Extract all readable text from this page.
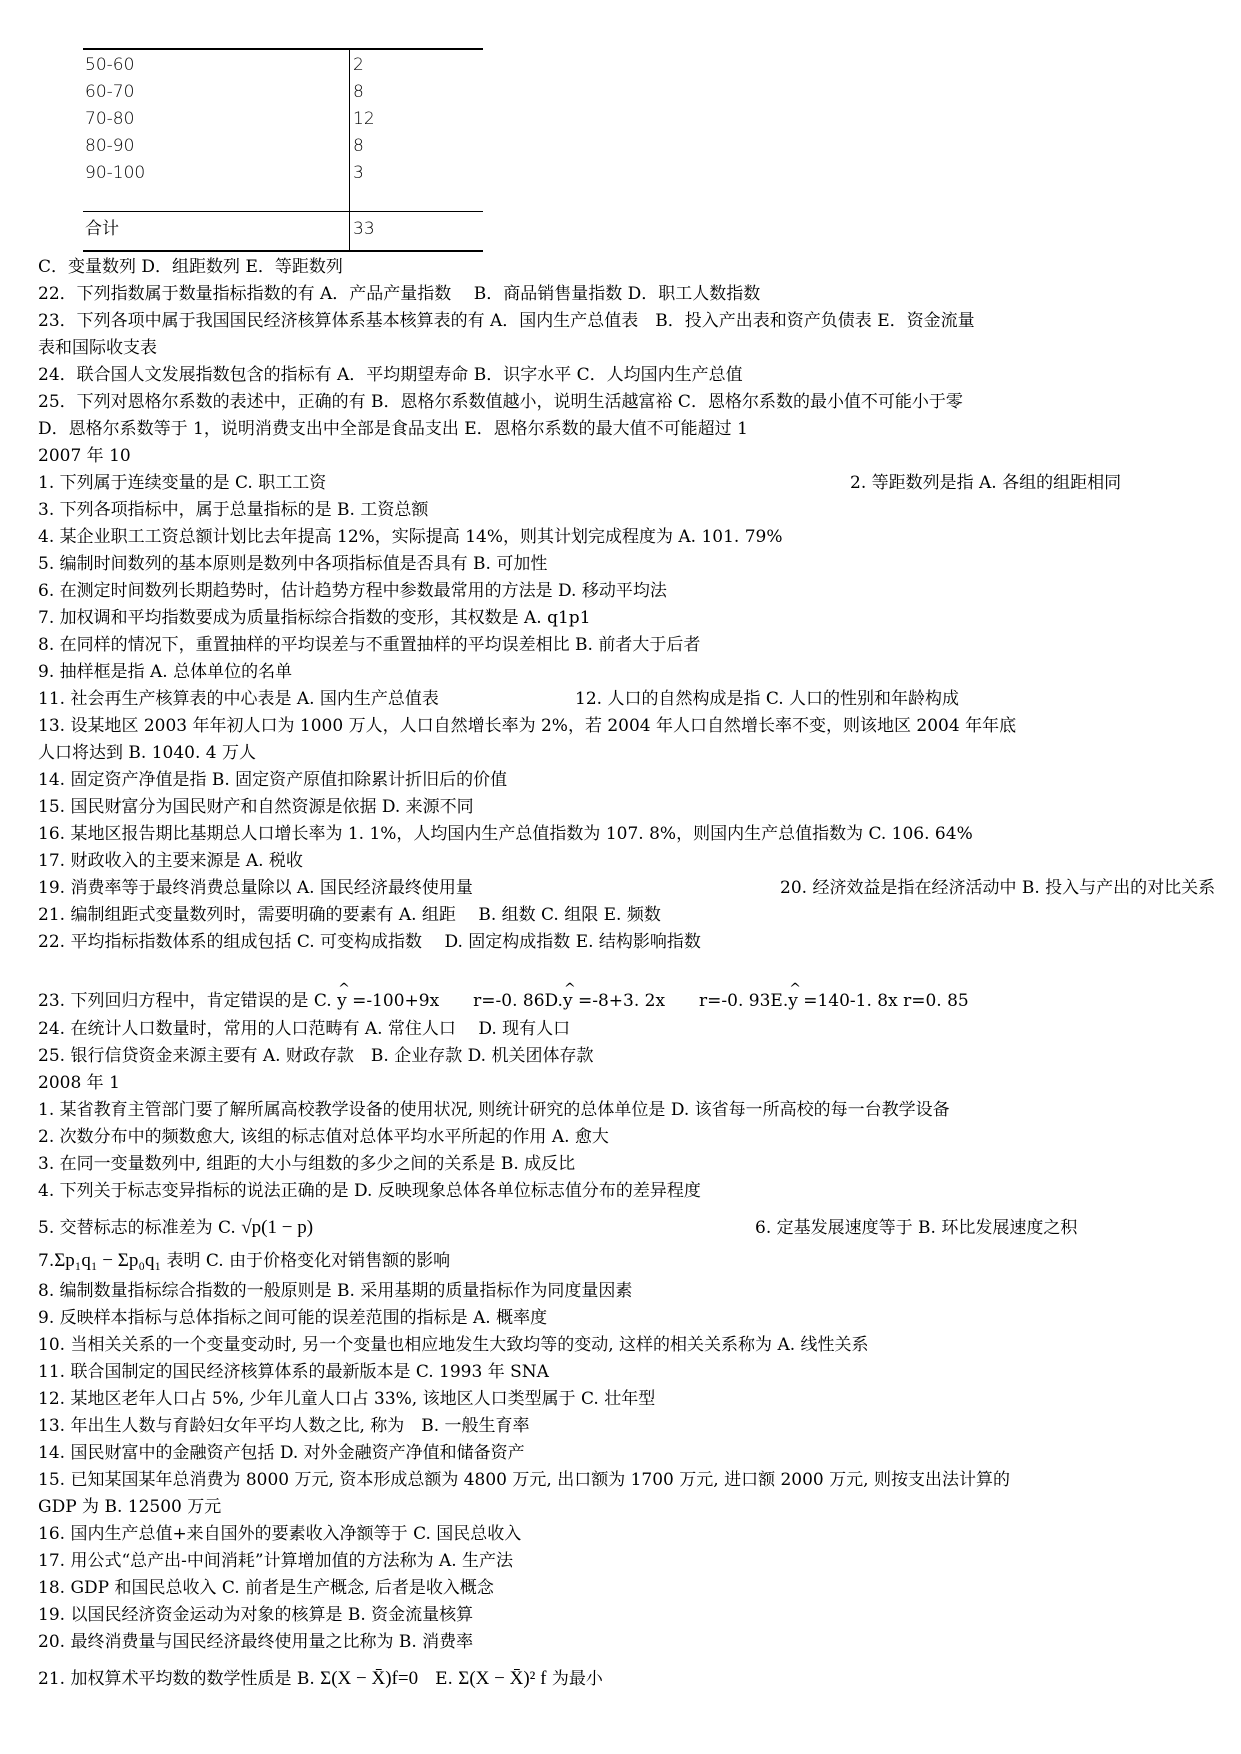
50-60	2
60-70	8
70-80	12
80-90	8
90-100	3
合计	33
C．变量数列 D．组距数列 E．等距数列
22．下列指数属于数量指标指数的有 A．产品产量指数　 B．商品销售量指数 D．职工人数指数
23．下列各项中属于我国国民经济核算体系基本核算表的有 A．国内生产总值表　B．投入产出表和资产负债表 E．资金流量
表和国际收支表
24．联合国人文发展指数包含的指标有 A．平均期望寿命 B．识字水平 C．人均国内生产总值
25．下列对恩格尔系数的表述中，正确的有 B．恩格尔系数值越小，说明生活越富裕 C．恩格尔系数的最小值不可能小于零
D．恩格尔系数等于 1，说明消费支出中全部是食品支出 E．恩格尔系数的最大值不可能超过 1
2007 年 10
1. 下列属于连续变量的是 C. 职工工资	2. 等距数列是指 A. 各组的组距相同
3. 下列各项指标中，属于总量指标的是 B. 工资总额
4. 某企业职工工资总额计划比去年提高 12%，实际提高 14%，则其计划完成程度为 A. 101. 79%
5. 编制时间数列的基本原则是数列中各项指标值是否具有 B. 可加性
6. 在测定时间数列长期趋势时，估计趋势方程中参数最常用的方法是 D. 移动平均法
7. 加权调和平均指数要成为质量指标综合指数的变形，其权数是 A. q1p1
8. 在同样的情况下，重置抽样的平均误差与不重置抽样的平均误差相比 B. 前者大于后者
9. 抽样框是指 A. 总体单位的名单
11. 社会再生产核算表的中心表是 A. 国内生产总值表	12. 人口的自然构成是指 C. 人口的性别和年龄构成
13. 设某地区 2003 年年初人口为 1000 万人，人口自然增长率为 2%，若 2004 年人口自然增长率不变，则该地区 2004 年年底
人口将达到 B. 1040. 4 万人
14. 固定资产净值是指 B. 固定资产原值扣除累计折旧后的价值
15. 国民财富分为国民财产和自然资源是依据 D. 来源不同
16. 某地区报告期比基期总人口增长率为 1. 1%，人均国内生产总值指数为 107. 8%，则国内生产总值指数为 C. 106. 64%
17. 财政收入的主要来源是 A. 税收
19. 消费率等于最终消费总量除以 A. 国民经济最终使用量	20. 经济效益是指在经济活动中 B. 投入与产出的对比关系
21. 编制组距式变量数列时，需要明确的要素有 A. 组距　 B. 组数 C. 组限 E. 频数
22. 平均指标指数体系的组成包括 C. 可变构成指数　 D. 固定构成指数 E. 结构影响指数
23. 下列回归方程中，肯定错误的是 C. ^ y =-100+9x　　r=-0. 86D.^ y =-8+3. 2x　　r=-0. 93E.^ y =140-1. 8x r=0. 85
24. 在统计人口数量时，常用的人口范畴有 A. 常住人口　 D. 现有人口
25. 银行信贷资金来源主要有 A. 财政存款　B. 企业存款 D. 机关团体存款
2008 年 1
1. 某省教育主管部门要了解所属高校教学设备的使用状况, 则统计研究的总体单位是 D. 该省每一所高校的每一台教学设备
2. 次数分布中的频数愈大, 该组的标志值对总体平均水平所起的作用 A. 愈大
3. 在同一变量数列中, 组距的大小与组数的多少之间的关系是 B. 成反比
4. 下列关于标志变异指标的说法正确的是 D. 反映现象总体各单位标志值分布的差异程度
5. 交替标志的标准差为 C. √p(1 − p)	6. 定基发展速度等于 B. 环比发展速度之积
7.Σp₁q₁ − Σp₀q₁ 表明 C. 由于价格变化对销售额的影响
8. 编制数量指标综合指数的一般原则是 B. 采用基期的质量指标作为同度量因素
9. 反映样本指标与总体指标之间可能的误差范围的指标是 A. 概率度
10. 当相关关系的一个变量变动时, 另一个变量也相应地发生大致均等的变动, 这样的相关关系称为 A. 线性关系
11. 联合国制定的国民经济核算体系的最新版本是 C. 1993 年 SNA
12. 某地区老年人口占 5%, 少年儿童人口占 33%, 该地区人口类型属于 C. 壮年型
13. 年出生人数与育龄妇女年平均人数之比, 称为　B. 一般生育率
14. 国民财富中的金融资产包括 D. 对外金融资产净值和储备资产
15. 已知某国某年总消费为 8000 万元, 资本形成总额为 4800 万元, 出口额为 1700 万元, 进口额 2000 万元, 则按支出法计算的
GDP 为 B. 12500 万元
16. 国内生产总值+来自国外的要素收入净额等于 C. 国民总收入
17. 用公式“总产出-中间消耗”计算增加值的方法称为 A. 生产法
18. GDP 和国民总收入 C. 前者是生产概念, 后者是收入概念
19. 以国民经济资金运动为对象的核算是 B. 资金流量核算
20. 最终消费量与国民经济最终使用量之比称为 B. 消费率
21. 加权算术平均数的数学性质是 B. Σ(X − X̄)f=0　E. Σ(X − X̄)² f 为最小
